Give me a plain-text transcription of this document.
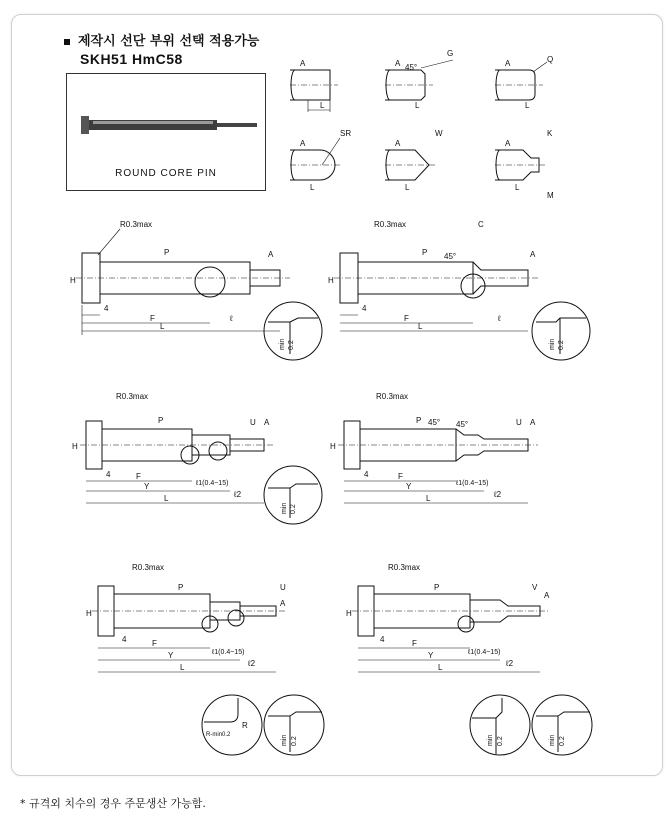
제작시 선단 부위 선택 적용가능
SKH51 HmC58
ROUND CORE PIN
A
L
A 45°
G
L
A	Q
L
A
SR
L
A
W
L
A
K
L
M
R0.3max
H
P	A
4
F	ℓ
L
min 0.2
R0.3max
H
P 45°
C
A
4
F	ℓ
L
min 0.2
R0.3max
H
P	U A
4	F
ℓ1(0.4~15)
Y
ℓ2
L
min 0.2
R0.3max
H
P 45° 45°	U A
4	F
ℓ1(0.4~15)
Y
ℓ2
L
R0.3max
H
P	U
A
4	F
ℓ1(0.4~15)
Y
ℓ2
L
R
R-min0.2	min 0.2
R0.3max
H
P	V
A
4	F
ℓ1(0.4~15)
Y
ℓ2
L
min 0.2	min 0.2
* 규격외 치수의 경우 주문생산 가능함.
